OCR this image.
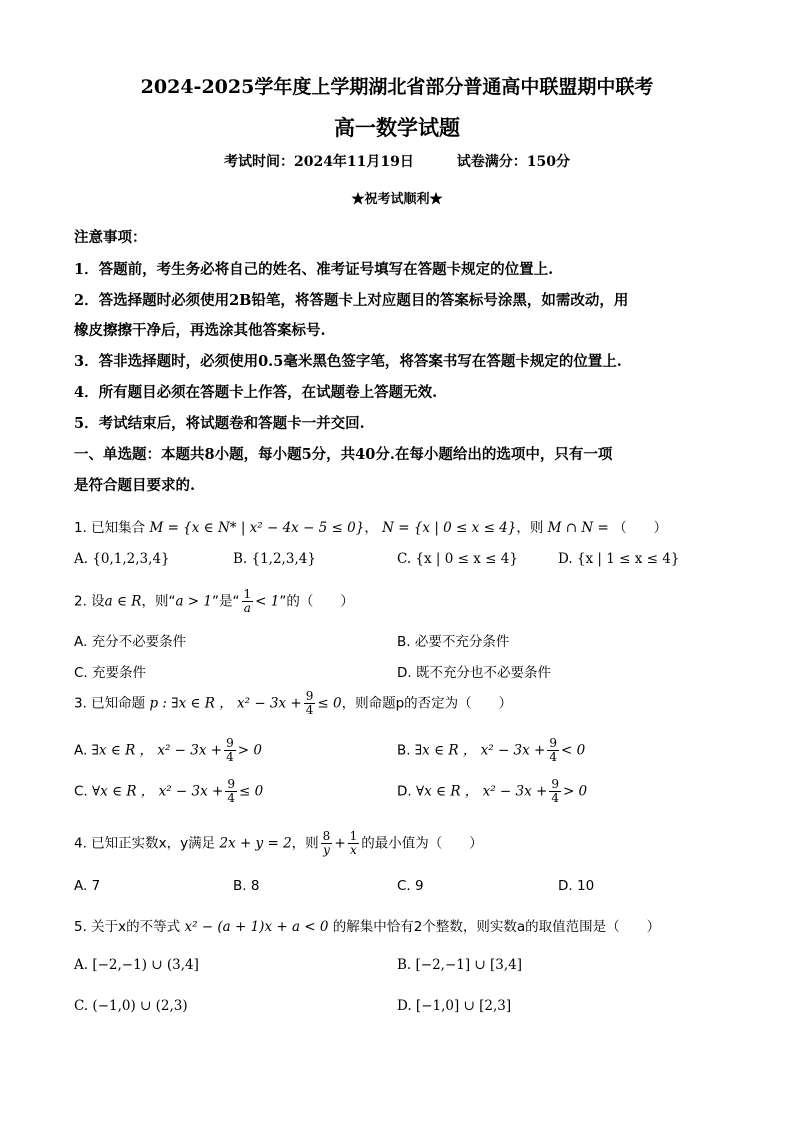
2024-2025学年度上学期湖北省部分普通高中联盟期中联考
高一数学试题
考试时间：2024年11月19日	试卷满分：150分
★祝考试顺利★
注意事项：
1．答题前，考生务必将自己的姓名、准考证号填写在答题卡规定的位置上.
2．答选择题时必须使用2B铅笔，将答题卡上对应题目的答案标号涂黑，如需改动，用
橡皮擦擦干净后，再选涂其他答案标号.
3．答非选择题时，必须使用0.5毫米黑色签字笔，将答案书写在答题卡规定的位置上.
4．所有题目必须在答题卡上作答，在试题卷上答题无效.
5．考试结束后，将试题卷和答题卡一并交回.
一、单选题：本题共8小题，每小题5分，共40分.在每小题给出的选项中，只有一项
是符合题目要求的.
1. 已知集合 M = {x ∈ N* | x² − 4x − 5 ≤ 0}， N = {x | 0 ≤ x ≤ 4}，则 M ∩ N = （　　）
A. {0,1,2,3,4}	B. {1,2,3,4}	C. {x | 0 ≤ x ≤ 4}	D. {x | 1 ≤ x ≤ 4}
2. 设a ∈ R，则“a > 1”是“ $\frac{1}{a} < 1$”的（　　）
A. 充分不必要条件	B. 必要不充分条件
C. 充要条件	D. 既不充分也不必要条件
3. 已知命题 p : ∃x ∈ R ， $x^2 - 3x + \frac{9}{4} \le 0$，则命题p的否定为（　　）
A. ∃x ∈ R ， $x^2 - 3x + \frac{9}{4} > 0$	B. ∃x ∈ R ， $x^2 - 3x + \frac{9}{4} < 0$
C. ∀x ∈ R ， $x^2 - 3x + \frac{9}{4} \le 0$	D. ∀x ∈ R ， $x^2 - 3x + \frac{9}{4} > 0$
4. 已知正实数x，y满足 2x + y = 2，则 $\frac{8}{y} + \frac{1}{x}$ 的最小值为（　　）
A. 7	B. 8	C. 9	D. 10
5. 关于x的不等式 x² − (a + 1)x + a < 0 的解集中恰有2个整数，则实数a的取值范围是（　　）
A. [−2,−1) ∪ (3,4]	B. [−2,−1] ∪ [3,4]
C. (−1,0) ∪ (2,3)	D. [−1,0] ∪ [2,3]
